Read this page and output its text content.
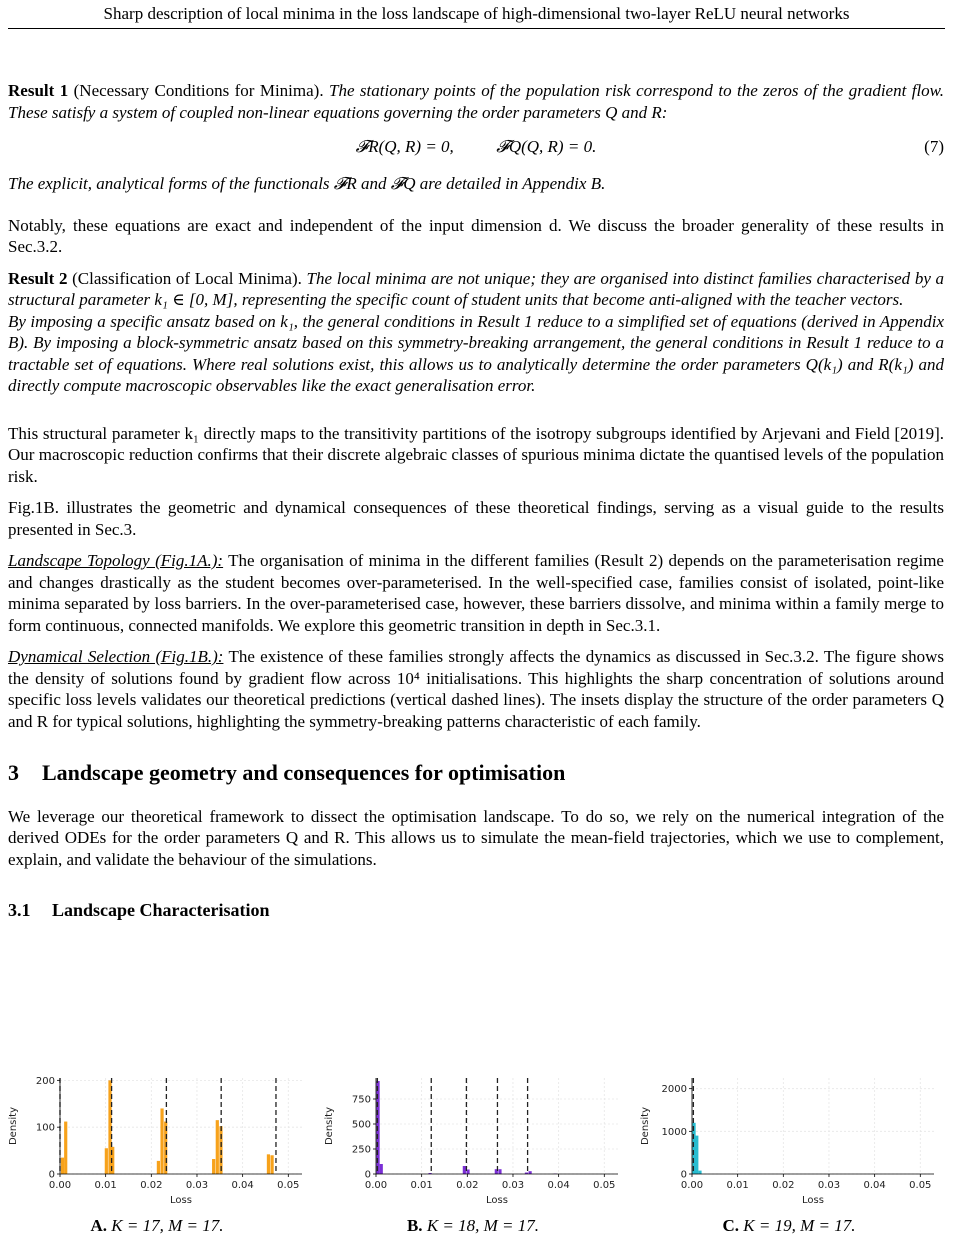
Sharp description of local minima in the loss landscape of high-dimensional two-layer ReLU neural networks

Result 1 (Necessary Conditions for Minima). The stationary points of the population risk correspond to the zeros of the gradient flow. These satisfy a system of coupled non-linear equations governing the order parameters Q and R:

𝓕R(Q, R) = 0,          𝓕Q(Q, R) = 0.	(7)

The explicit, analytical forms of the functionals 𝓕R and 𝓕Q are detailed in Appendix B.

Notably, these equations are exact and independent of the input dimension d. We discuss the broader generality of these results in Sec.3.2.

Result 2 (Classification of Local Minima). The local minima are not unique; they are organised into distinct families characterised by a structural parameter k₁ ∈ [0, M], representing the specific count of student units that become anti-aligned with the teacher vectors.

By imposing a specific ansatz based on k₁, the general conditions in Result 1 reduce to a simplified set of equations (derived in Appendix B). By imposing a block-symmetric ansatz based on this symmetry-breaking arrangement, the general conditions in Result 1 reduce to a tractable set of equations. Where real solutions exist, this allows us to analytically determine the order parameters Q(k₁) and R(k₁) and directly compute macroscopic observables like the exact generalisation error.

This structural parameter k₁ directly maps to the transitivity partitions of the isotropy subgroups identified by Arjevani and Field [2019]. Our macroscopic reduction confirms that their discrete algebraic classes of spurious minima dictate the quantised levels of the population risk.

Fig.1B. illustrates the geometric and dynamical consequences of these theoretical findings, serving as a visual guide to the results presented in Sec.3.

Landscape Topology (Fig.1A.): The organisation of minima in the different families (Result 2) depends on the parameterisation regime and changes drastically as the student becomes over-parameterised. In the well-specified case, families consist of isolated, point-like minima separated by loss barriers. In the over-parameterised case, however, these barriers dissolve, and minima within a family merge to form continuous, connected manifolds. We explore this geometric transition in depth in Sec.3.1.

Dynamical Selection (Fig.1B.): The existence of these families strongly affects the dynamics as discussed in Sec.3.2. The figure shows the density of solutions found by gradient flow across 10⁴ initialisations. This highlights the sharp concentration of solutions around specific loss levels validates our theoretical predictions (vertical dashed lines). The insets display the structure of the order parameters Q and R for typical solutions, highlighting the symmetry-breaking patterns characteristic of each family.

3 Landscape geometry and consequences for optimisation

We leverage our theoretical framework to dissect the optimisation landscape. To do so, we rely on the numerical integration of the derived ODEs for the order parameters Q and R. This allows us to simulate the mean-field trajectories, which we use to complement, explain, and validate the behaviour of the simulations.

3.1 Landscape Characterisation
0.00 0.01 0.02 0.03 0.04 0.05
0
100
200
Loss
Density
A. K = 17, M = 17.
0.00 0.01 0.02 0.03 0.04 0.05
0
250
500
750
Loss
Density
B. K = 18, M = 17.
0.00 0.01 0.02 0.03 0.04 0.05
0
1000
2000
Loss
Density
C. K = 19, M = 17.
